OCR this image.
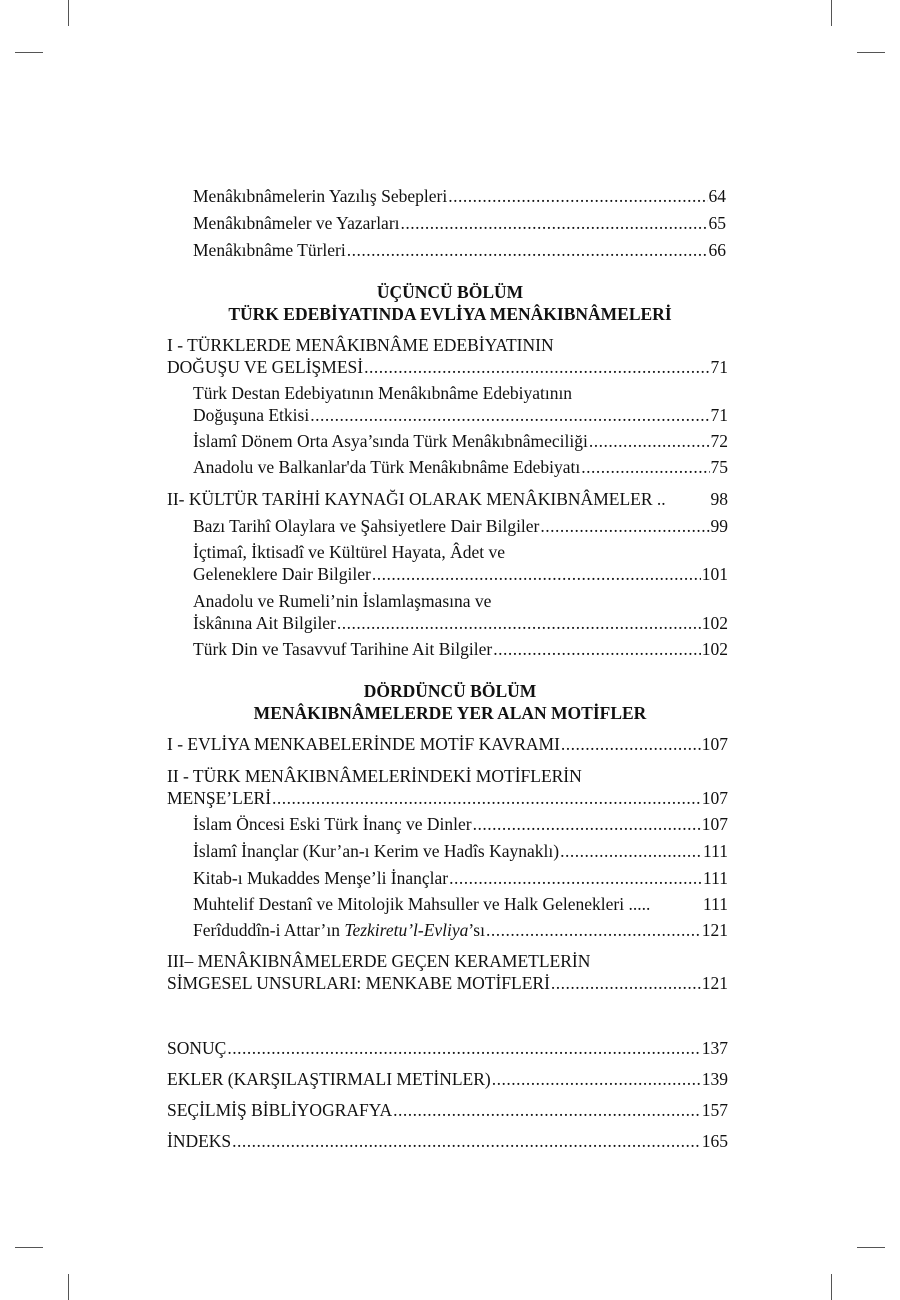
Menâkıbnâmelerin Yazılış Sebepleri .....	64
Menâkıbnâmeler ve Yazarları .....	65
Menâkıbnâme Türleri .....	66
ÜÇÜNCÜ BÖLÜM
TÜRK EDEBİYATINDA EVLİYA MENÂKIBNÂMELERİ
I - TÜRKLERDE MENÂKIBNÂME EDEBİYATININ
DOĞUŞU VE GELİŞMESİ .....	71
Türk Destan Edebiyatının Menâkıbnâme Edebiyatının
Doğuşuna Etkisi .....	71
İslamî Dönem Orta Asya’sında Türk Menâkıbnâmeciliği .....	72
Anadolu ve Balkanlar'da Türk Menâkıbnâme Edebiyatı .....	75
II- KÜLTÜR TARİHİ KAYNAĞI OLARAK MENÂKIBNÂMELER ..	98
Bazı Tarihî Olaylara ve Şahsiyetlere Dair Bilgiler .....	99
İçtimaî, İktisadî ve Kültürel Hayata, Âdet ve
Geleneklere Dair Bilgiler .....	101
Anadolu ve Rumeli’nin İslamlaşmasına ve
İskânına Ait Bilgiler .....	102
Türk Din ve Tasavvuf Tarihine Ait Bilgiler .....	102
DÖRDÜNCÜ BÖLÜM
MENÂKIBNÂMELERDE YER ALAN MOTİFLER
I - EVLİYA MENKABELERİNDE MOTİF KAVRAMI .....	107
II - TÜRK MENÂKIBNÂMELERİNDEKİ MOTİFLERİN
MENŞE’LERİ .....	107
İslam Öncesi Eski Türk İnanç ve Dinler .....	107
İslamî İnançlar (Kur’an-ı Kerim ve Hadîs Kaynaklı) .....	111
Kitab-ı Mukaddes Menşe’li İnançlar .....	111
Muhtelif Destanî ve Mitolojik Mahsuller ve Halk Gelenekleri .....	111
Ferîduddîn-i Attar’ın Tezkiretu’l-Evliya’sı .....	121
III– MENÂKIBNÂMELERDE GEÇEN KERAMETLERİN
SİMGESEL UNSURLARI: MENKABE MOTİFLERİ .....	121
SONUÇ .....	137
EKLER (KARŞILAŞTIRMALI METİNLER) .....	139
SEÇİLMİŞ BİBLİYOGRAFYA .....	157
İNDEKS .....	165
